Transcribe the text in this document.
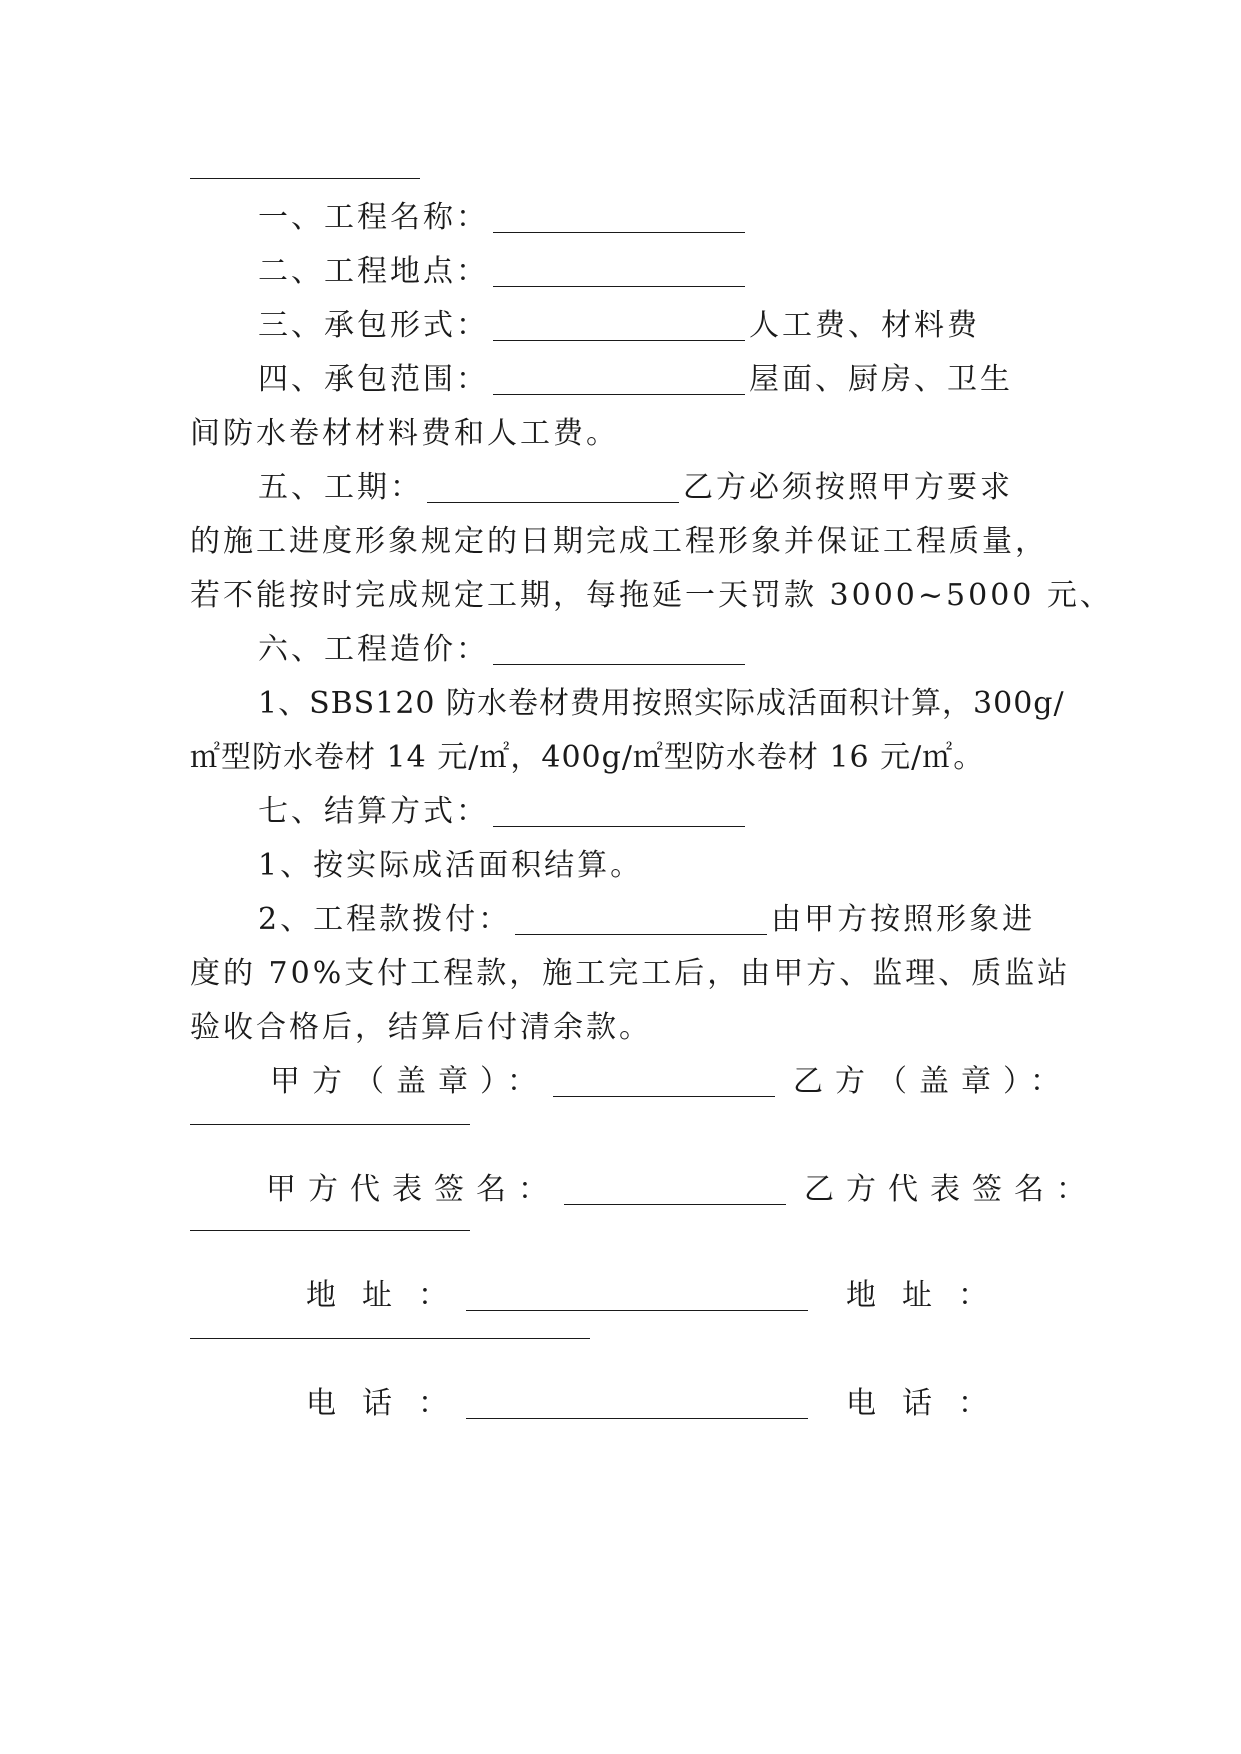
一、工程名称：
二、工程地点：
三、承包形式：	人工费、材料费
四、承包范围：	屋面、厨房、卫生
间防水卷材材料费和人工费。
五、工期：	乙方必须按照甲方要求
的施工进度形象规定的日期完成工程形象并保证工程质量，
若不能按时完成规定工期，每拖延一天罚款 3000~5000 元、
六、工程造价：
1、SBS120 防水卷材费用按照实际成活面积计算，300g/
㎡型防水卷材 14 元/㎡，400g/㎡型防水卷材 16 元/㎡。
七、结算方式：
1、按实际成活面积结算。
2、工程款拨付：	由甲方按照形象进
度的 70%支付工程款，施工完工后，由甲方、监理、质监站
验收合格后，结算后付清余款。
甲方（盖章）：	乙方（盖章）：
甲方代表签名：	乙方代表签名：
地址：	地址：
电话：	电话：
